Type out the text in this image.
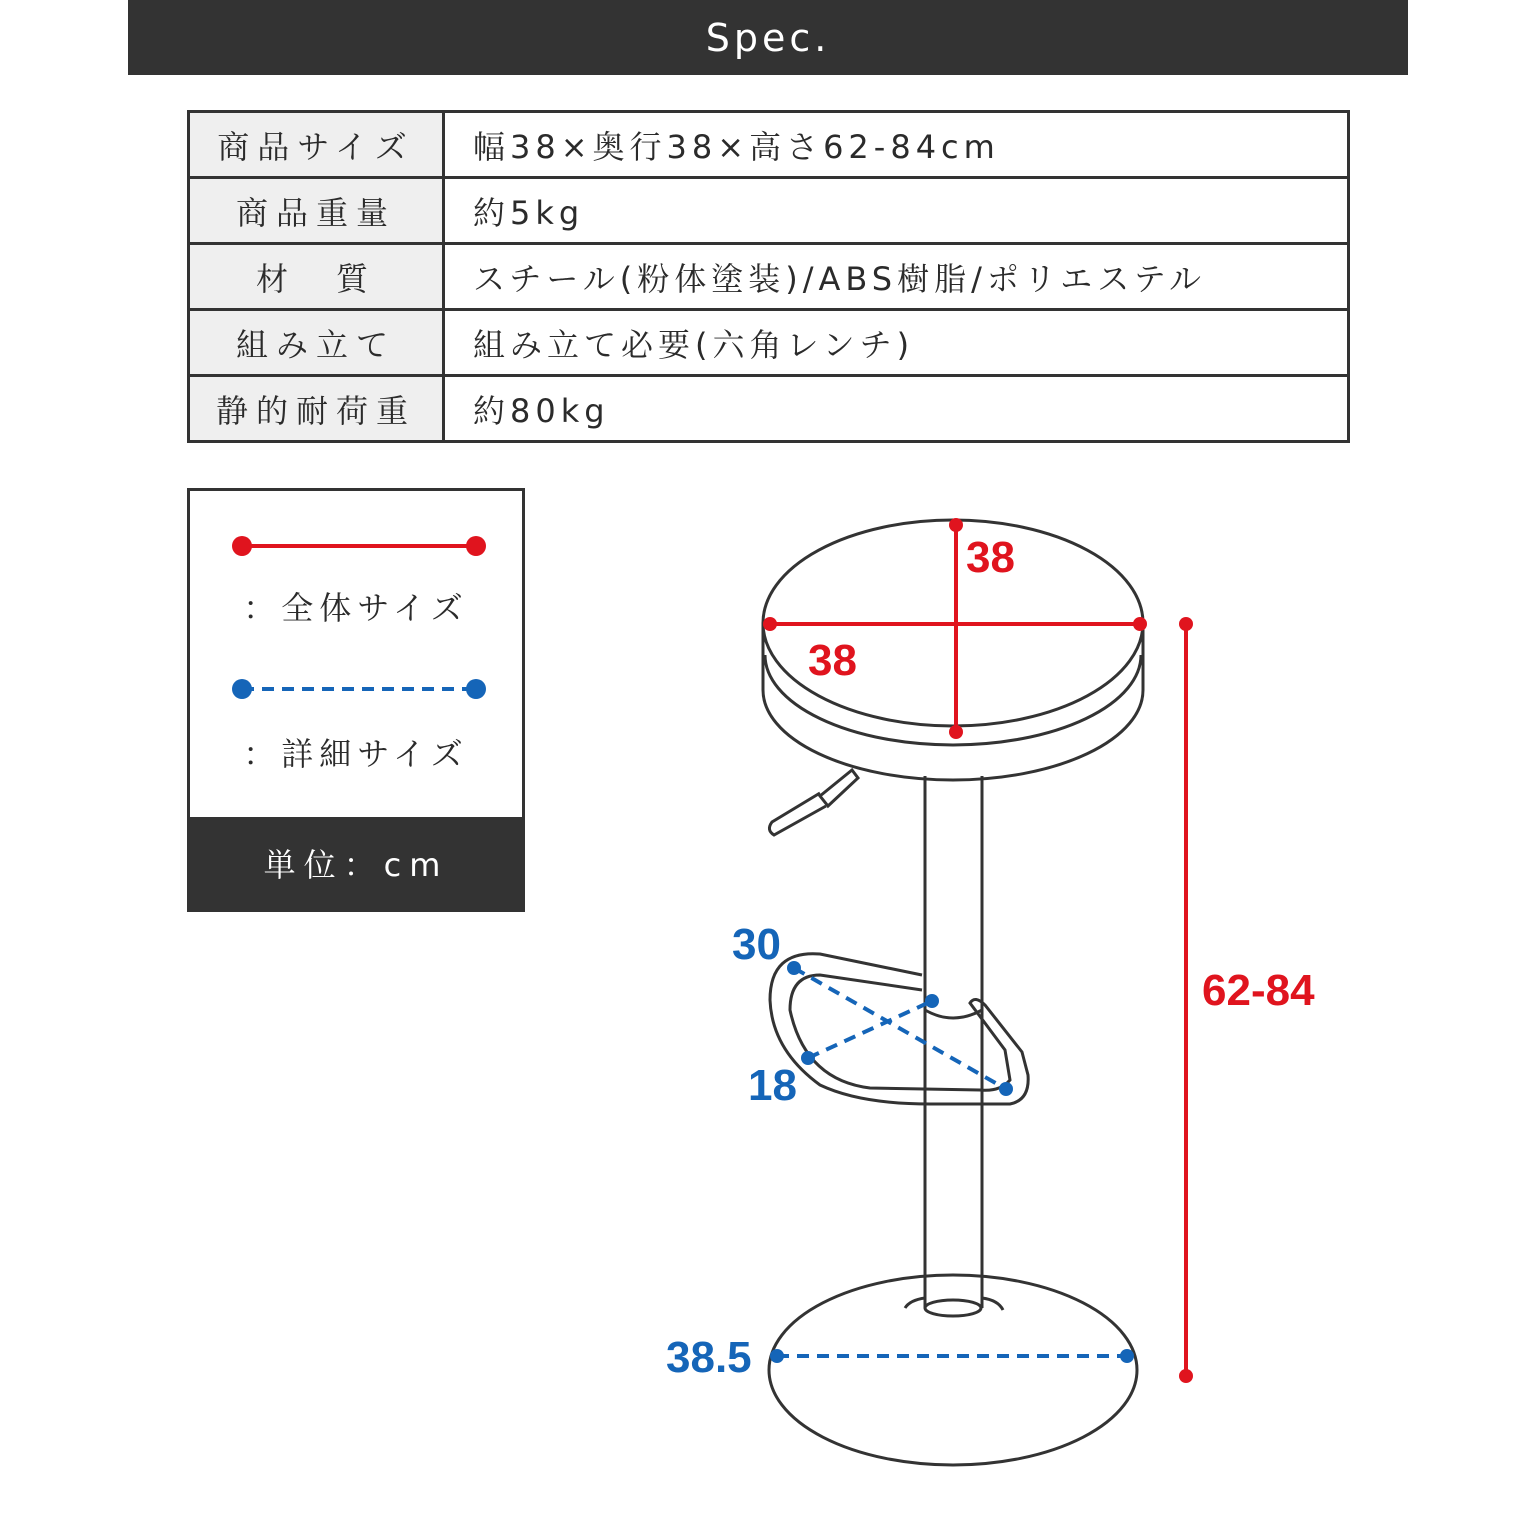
Spec.
商品サイズ	幅38×奥行38×高さ62-84cm
商品重量	約5kg
材　質	スチール(粉体塗装)/ABS樹脂/ポリエステル
組み立て	組み立て必要(六角レンチ)
静的耐荷重	約80kg
：全体サイズ
：詳細サイズ
単位：cm
38
38
62-84
30
18
38.5
